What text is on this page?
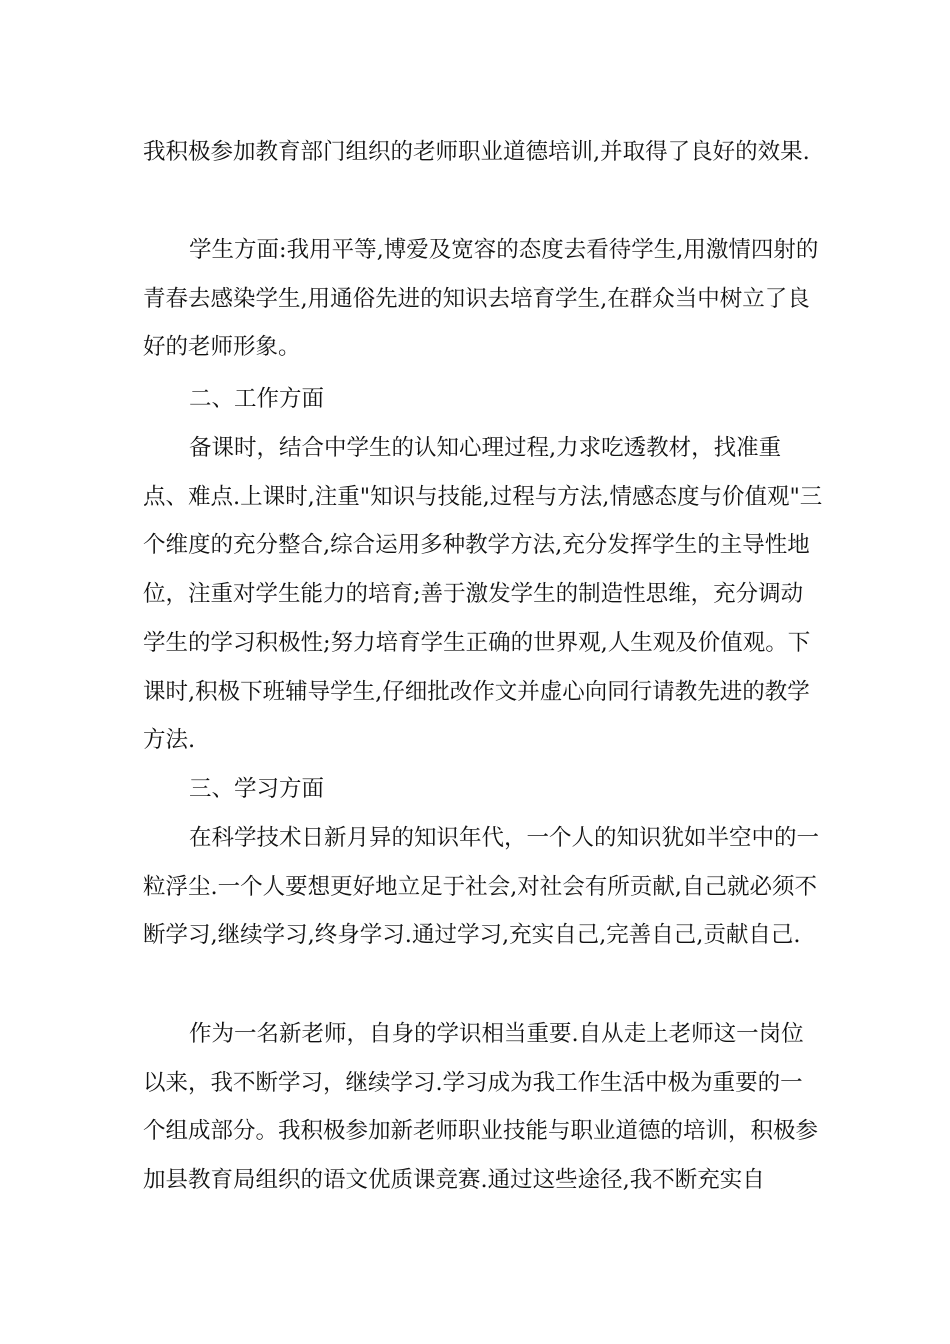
我积极参加教育部门组织的老师职业道德培训,并取得了良好的效果.

学生方面:我用平等,博爱及宽容的态度去看待学生,用激情四射的青春去感染学生,用通俗先进的知识去培育学生,在群众当中树立了良好的老师形象。

二、工作方面

备课时，结合中学生的认知心理过程,力求吃透教材，找准重点、难点.上课时,注重"知识与技能,过程与方法,情感态度与价值观"三个维度的充分整合,综合运用多种教学方法,充分发挥学生的主导性地位，注重对学生能力的培育;善于激发学生的制造性思维，充分调动学生的学习积极性;努力培育学生正确的世界观,人生观及价值观。下课时,积极下班辅导学生,仔细批改作文并虚心向同行请教先进的教学方法.

三、学习方面

在科学技术日新月异的知识年代，一个人的知识犹如半空中的一粒浮尘.一个人要想更好地立足于社会,对社会有所贡献,自己就必须不断学习,继续学习,终身学习.通过学习,充实自己,完善自己,贡献自己.

作为一名新老师，自身的学识相当重要.自从走上老师这一岗位以来，我不断学习，继续学习.学习成为我工作生活中极为重要的一个组成部分。我积极参加新老师职业技能与职业道德的培训，积极参加县教育局组织的语文优质课竞赛.通过这些途径,我不断充实自
